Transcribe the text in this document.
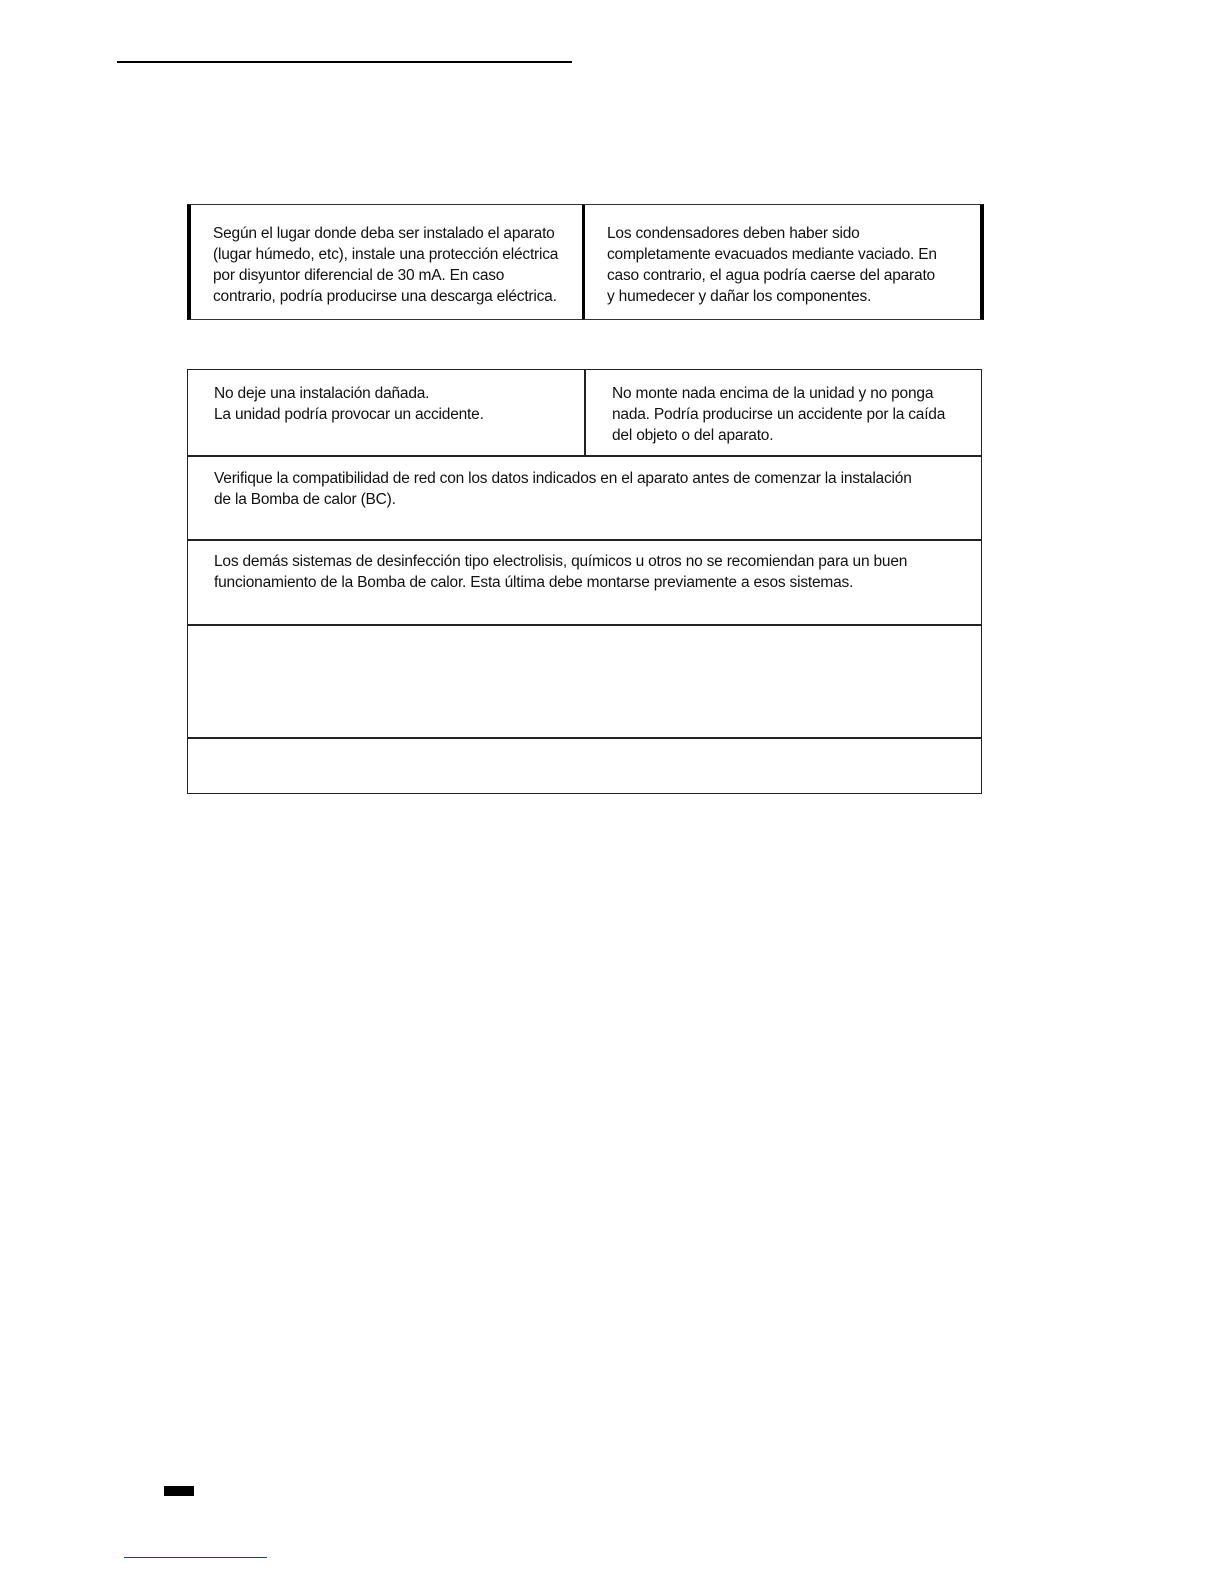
Según el lugar donde deba ser instalado el aparato
(lugar húmedo, etc), instale una protección eléctrica
por disyuntor diferencial de 30 mA. En caso
contrario, podría producirse una descarga eléctrica.
Los condensadores deben haber sido
completamente evacuados mediante vaciado. En
caso contrario, el agua podría caerse del aparato
y humedecer y dañar los componentes.
No deje una instalación dañada.
La unidad podría provocar un accidente.
No monte nada encima de la unidad y no ponga
nada. Podría producirse un accidente por la caída
del objeto o del aparato.
Verifique la compatibilidad de red con los datos indicados en el aparato antes de comenzar la instalación
de la Bomba de calor (BC).
Los demás sistemas de desinfección tipo electrolisis, químicos u otros no se recomiendan para un buen
funcionamiento de la Bomba de calor. Esta última debe montarse previamente a esos sistemas.
